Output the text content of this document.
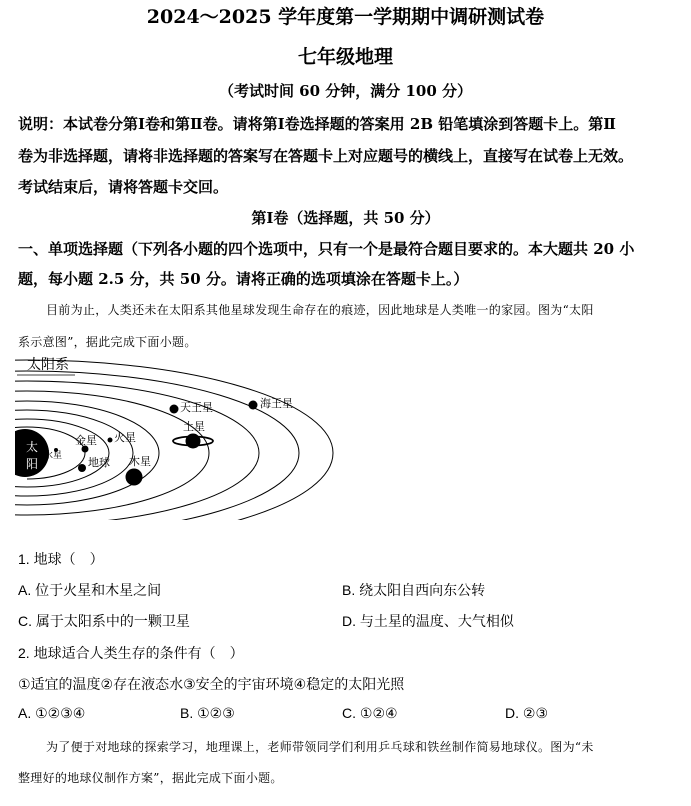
2024～2025 学年度第一学期期中调研测试卷
七年级地理
（考试时间 60 分钟，满分 100 分）
说明：本试卷分第Ⅰ卷和第Ⅱ卷。请将第Ⅰ卷选择题的答案用 2B 铅笔填涂到答题卡上。第Ⅱ
卷为非选择题，请将非选择题的答案写在答题卡上对应题号的横线上，直接写在试卷上无效。
考试结束后，请将答题卡交回。
第Ⅰ卷（选择题，共 50 分）
一、单项选择题（下列各小题的四个选项中，只有一个是最符合题目要求的。本大题共 20 小
题，每小题 2.5 分，共 50 分。请将正确的选项填涂在答题卡上。）
目前为止，人类还未在太阳系其他星球发现生命存在的痕迹，因此地球是人类唯一的家园。图为“太阳
系示意图”，据此完成下面小题。
太阳系
太
阳
水星
金星
地球
火星
木星
土星
天王星	海王星
1. 地球（　）
A. 位于火星和木星之间	B. 绕太阳自西向东公转
C. 属于太阳系中的一颗卫星	D. 与土星的温度、大气相似
2. 地球适合人类生存的条件有（　）
①适宜的温度②存在液态水③安全的宇宙环境④稳定的太阳光照
A. ①②③④	B. ①②③	C. ①②④	D. ②③
为了便于对地球的探索学习，地理课上，老师带领同学们利用乒乓球和铁丝制作简易地球仪。图为“未
整理好的地球仪制作方案”，据此完成下面小题。
